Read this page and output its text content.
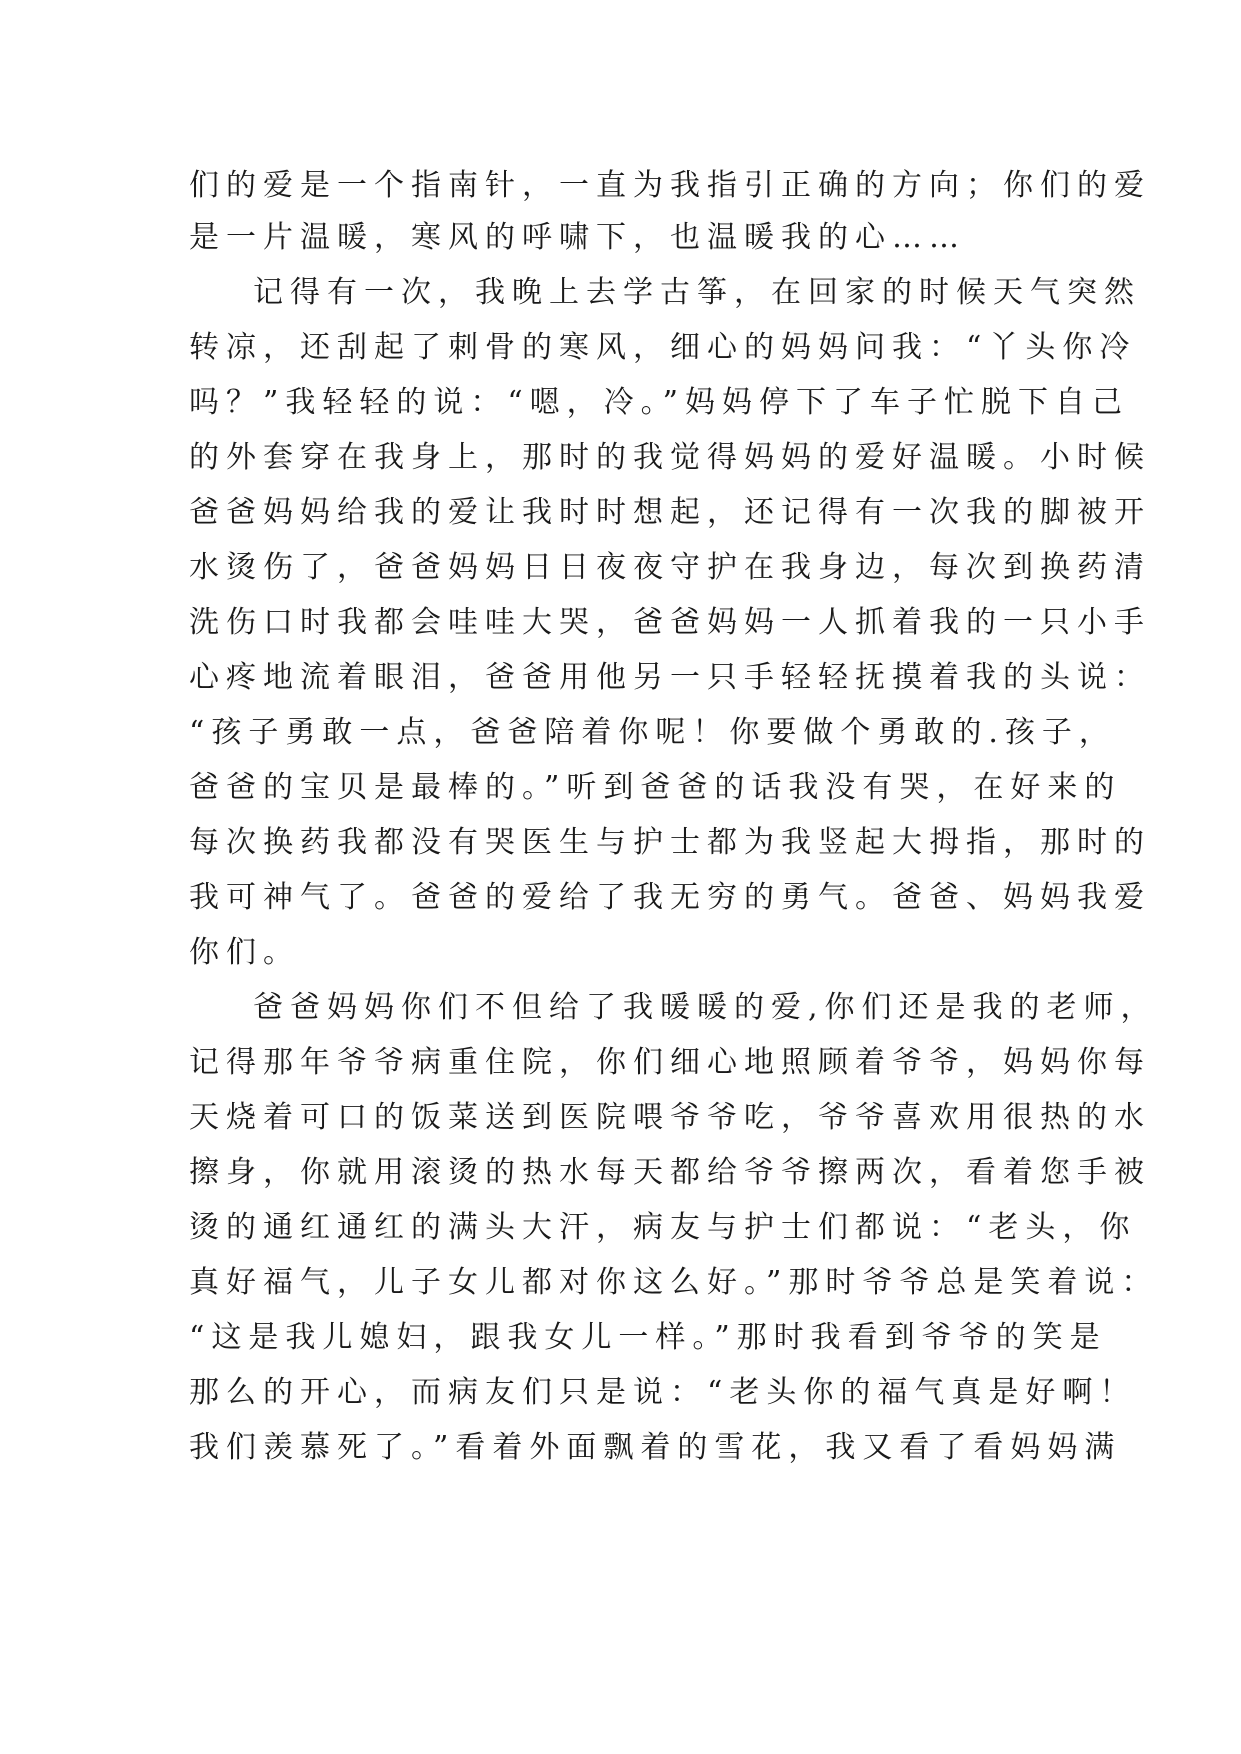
们的爱是一个指南针，一直为我指引正确的方向；你们的爱
是一片温暖，寒风的呼啸下，也温暖我的心……
记得有一次，我晚上去学古筝，在回家的时候天气突然
转凉，还刮起了刺骨的寒风，细心的妈妈问我：“丫头你冷
吗？”我轻轻的说：“嗯，冷。”妈妈停下了车子忙脱下自己
的外套穿在我身上，那时的我觉得妈妈的爱好温暖。小时候
爸爸妈妈给我的爱让我时时想起，还记得有一次我的脚被开
水烫伤了，爸爸妈妈日日夜夜守护在我身边，每次到换药清
洗伤口时我都会哇哇大哭，爸爸妈妈一人抓着我的一只小手
心疼地流着眼泪，爸爸用他另一只手轻轻抚摸着我的头说：
“孩子勇敢一点，爸爸陪着你呢！你要做个勇敢的.孩子，
爸爸的宝贝是最棒的。”听到爸爸的话我没有哭，在好来的
每次换药我都没有哭医生与护士都为我竖起大拇指，那时的
我可神气了。爸爸的爱给了我无穷的勇气。爸爸、妈妈我爱
你们。
爸爸妈妈你们不但给了我暖暖的爱,你们还是我的老师，
记得那年爷爷病重住院，你们细心地照顾着爷爷，妈妈你每
天烧着可口的饭菜送到医院喂爷爷吃，爷爷喜欢用很热的水
擦身，你就用滚烫的热水每天都给爷爷擦两次，看着您手被
烫的通红通红的满头大汗，病友与护士们都说：“老头，你
真好福气，儿子女儿都对你这么好。”那时爷爷总是笑着说：
“这是我儿媳妇，跟我女儿一样。”那时我看到爷爷的笑是
那么的开心，而病友们只是说：“老头你的福气真是好啊！
我们羡慕死了。”看着外面飘着的雪花，我又看了看妈妈满
